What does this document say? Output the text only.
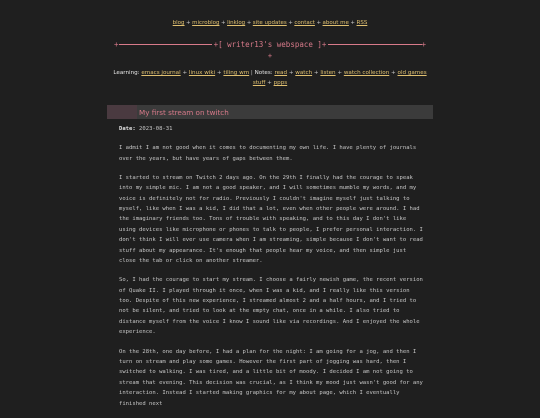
blog + microblog + linklog + site updates + contact + about me + RSS
+	+[ writer13's webspace ]+	+
+
Learning: emacs journal + linux wiki + tiling wm | Notes: read + watch + listen + watch collection + old games stuff + ppps
My first stream on twitch

Date: 2023-08-31

I admit I am not good when it comes to documenting my own life. I have plenty of journals over the years, but have years of gaps between them.

I started to stream on Twitch 2 days ago. On the 29th I finally had the courage to speak into my simple mic. I am not a good speaker, and I will sometimes mumble my words, and my voice is definitely not for radio. Previously I couldn't imagine myself just talking to myself, like when I was a kid, I did that a lot, even when other people were around. I had the imaginary friends too. Tons of trouble with speaking, and to this day I don't like using devices like microphone or phones to talk to people, I prefer personal interaction. I don't think I will ever use camera when I am streaming, simple because I don't want to read stuff about my appearance. It's enough that people hear my voice, and then simple just close the tab or click on another streamer.

So, I had the courage to start my stream. I choose a fairly newish game, the recent version of Quake II. I played through it once, when I was a kid, and I really like this version too. Despite of this new experience, I streamed almost 2 and a half hours, and I tried to not be silent, and tried to look at the empty chat, once in a while. I also tried to distance myself from the voice I know I sound like via recordings. And I enjoyed the whole experience.

On the 28th, one day before, I had a plan for the night: I am going for a jog, and then I turn on stream and play some games. However the first part of jogging was hard, then I switched to walking. I was tired, and a little bit of moody. I decided I am not going to stream that evening. This decision was crucial, as I think my mood just wasn't good for any interaction. Instead I started making graphics for my about page, which I eventually finished next
